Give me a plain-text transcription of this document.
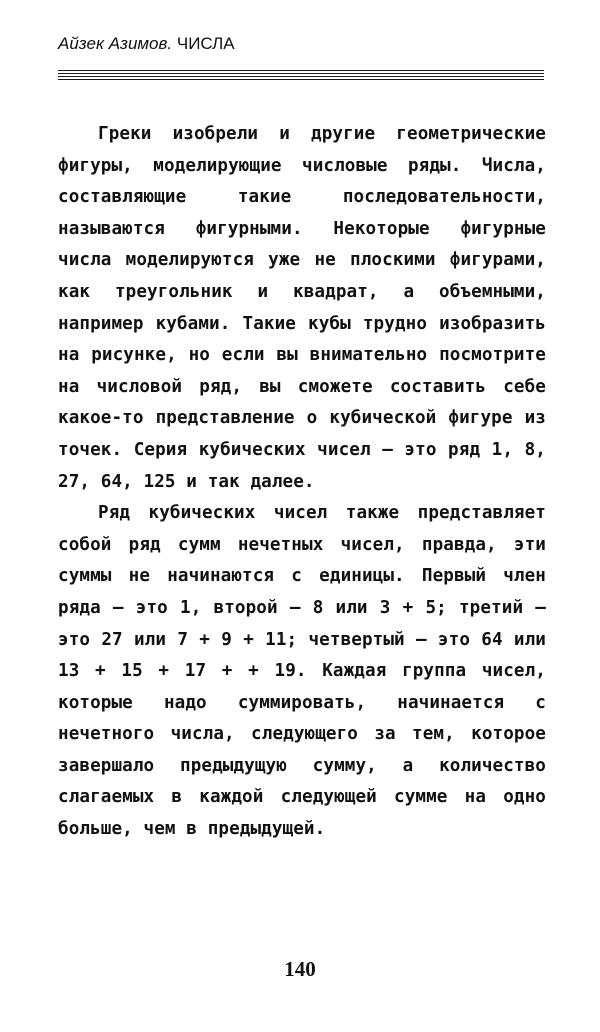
Айзек Азимов. ЧИСЛА

Греки изобрели и другие геометрические фигуры, моделирующие числовые ряды. Числа, составляющие такие последовательности, называются фигурными. Некоторые фигурные числа моделируются уже не плоскими фигурами, как треугольник и квадрат, а объемными, например кубами. Такие кубы трудно изобразить на рисунке, но если вы внимательно посмотрите на числовой ряд, вы сможете составить себе какое-то представление о кубической фигуре из точек. Серия кубических чисел – это ряд 1, 8, 27, 64, 125 и так далее.

Ряд кубических чисел также представляет собой ряд сумм нечетных чисел, правда, эти суммы не начинаются с единицы. Первый член ряда – это 1, второй – 8 или 3 + 5; третий – это 27 или 7 + 9 + 11; четвертый – это 64 или 13 + 15 + 17 + + 19. Каждая группа чисел, которые надо суммировать, начинается с нечетного числа, следующего за тем, которое завершало предыдущую сумму, а количество слагаемых в каждой следующей сумме на одно больше, чем в предыдущей.

140
